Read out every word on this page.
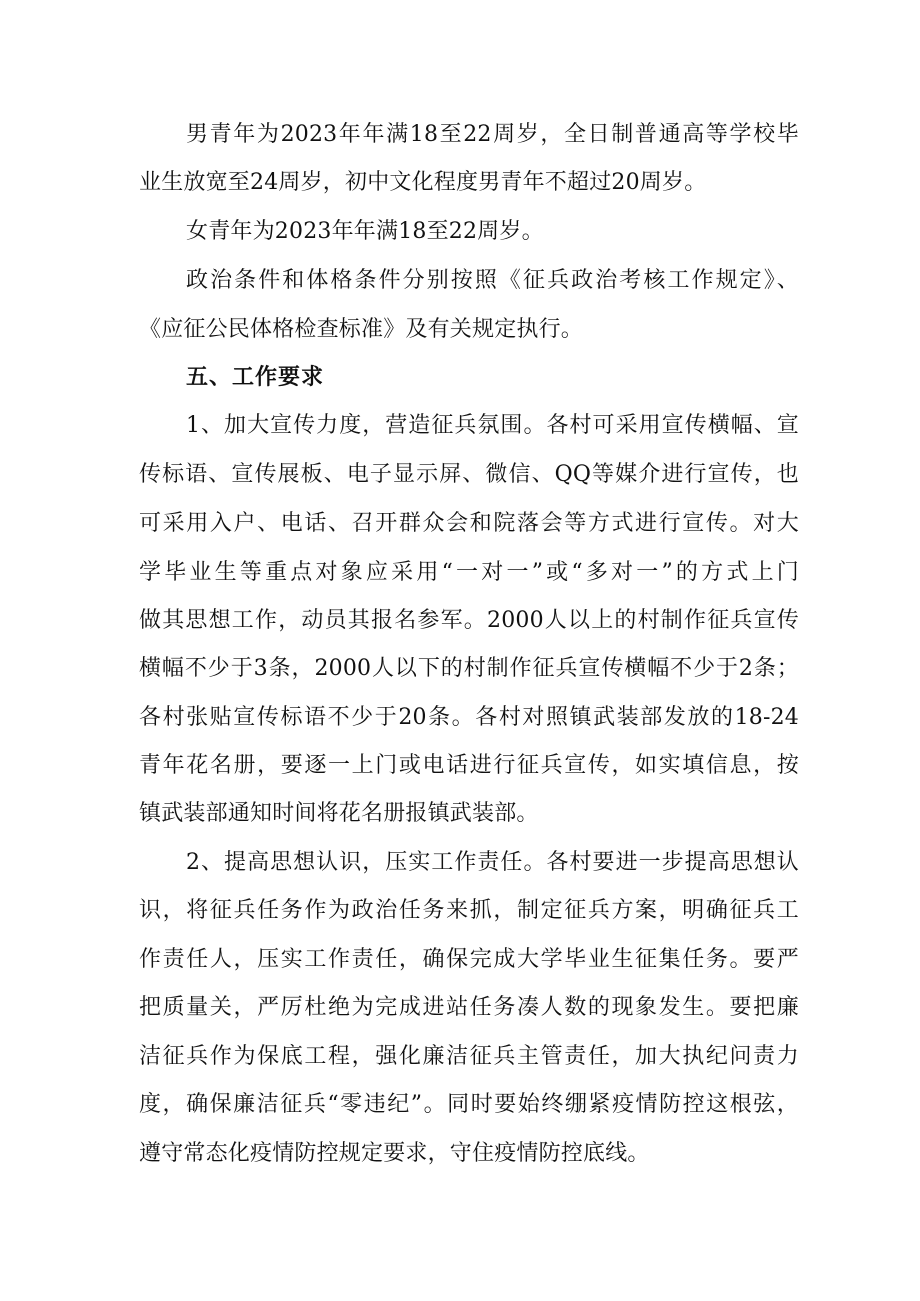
男青年为2023年年满18至22周岁，全日制普通高等学校毕
业生放宽至24周岁，初中文化程度男青年不超过20周岁。
女青年为2023年年满18至22周岁。
政治条件和体格条件分别按照《征兵政治考核工作规定》、
《应征公民体格检查标准》及有关规定执行。
五、工作要求
1、加大宣传力度，营造征兵氛围。各村可采用宣传横幅、宣
传标语、宣传展板、电子显示屏、微信、QQ等媒介进行宣传，也
可采用入户、电话、召开群众会和院落会等方式进行宣传。对大
学毕业生等重点对象应采用“一对一”或“多对一”的方式上门
做其思想工作，动员其报名参军。2000人以上的村制作征兵宣传
横幅不少于3条，2000人以下的村制作征兵宣传横幅不少于2条；
各村张贴宣传标语不少于20条。各村对照镇武装部发放的18-24
青年花名册，要逐一上门或电话进行征兵宣传，如实填信息，按
镇武装部通知时间将花名册报镇武装部。
2、提高思想认识，压实工作责任。各村要进一步提高思想认
识，将征兵任务作为政治任务来抓，制定征兵方案，明确征兵工
作责任人，压实工作责任，确保完成大学毕业生征集任务。要严
把质量关，严厉杜绝为完成进站任务凑人数的现象发生。要把廉
洁征兵作为保底工程，强化廉洁征兵主管责任，加大执纪问责力
度，确保廉洁征兵“零违纪”。同时要始终绷紧疫情防控这根弦，
遵守常态化疫情防控规定要求，守住疫情防控底线。
